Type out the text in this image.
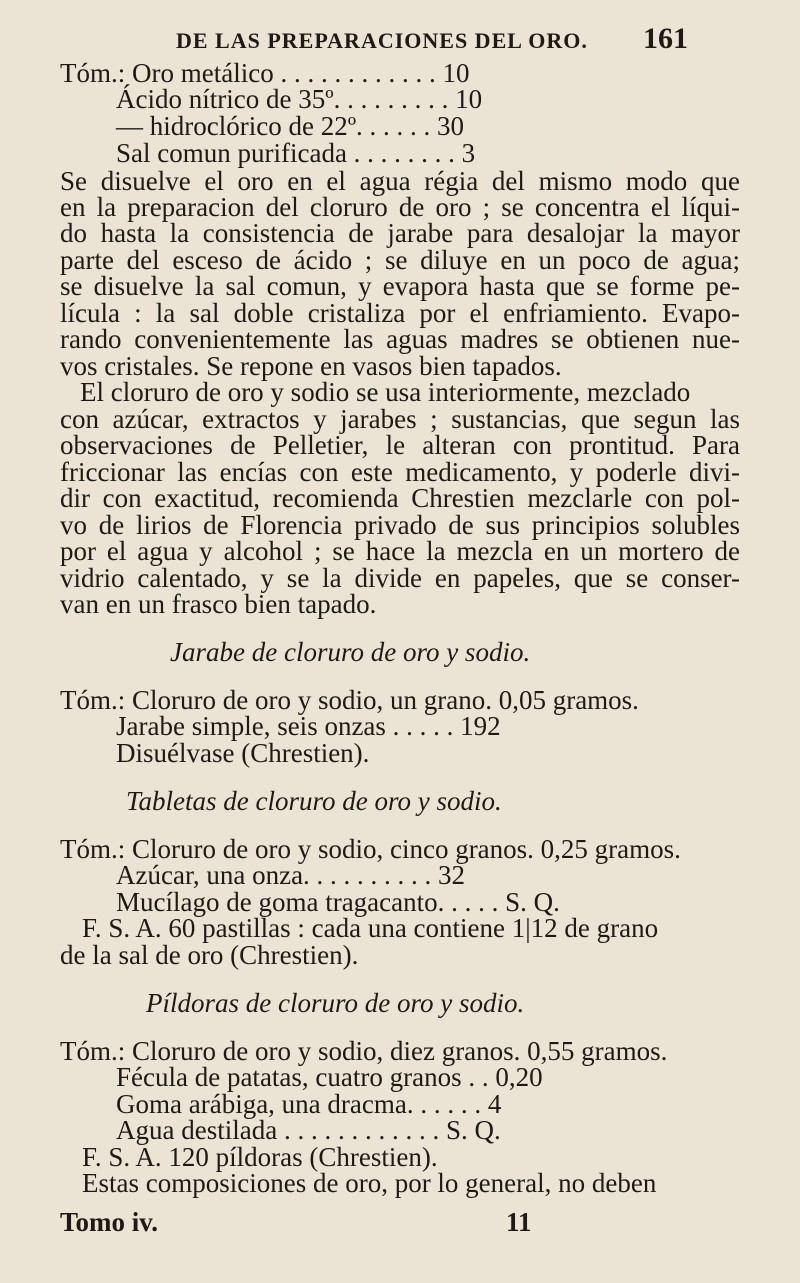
DE LAS PREPARACIONES DEL ORO. 161
Tóm.: Oro metálico . . . . . . . . . . . . 10
Ácido nítrico de 35º. . . . . . . . . 10
— hidroclórico de 22º. . . . . . 30
Sal comun purificada . . . . . . . . 3
Se disuelve el oro en el agua régia del mismo modo que
en la preparacion del cloruro de oro ; se concentra el líqui-
do hasta la consistencia de jarabe para desalojar la mayor
parte del esceso de ácido ; se diluye en un poco de agua;
se disuelve la sal comun, y evapora hasta que se forme pe-
lícula : la sal doble cristaliza por el enfriamiento. Evapo-
rando convenientemente las aguas madres se obtienen nue-
vos cristales. Se repone en vasos bien tapados.
El cloruro de oro y sodio se usa interiormente, mezclado
con azúcar, extractos y jarabes ; sustancias, que segun las
observaciones de Pelletier, le alteran con prontitud. Para
friccionar las encías con este medicamento, y poderle divi-
dir con exactitud, recomienda Chrestien mezclarle con pol-
vo de lirios de Florencia privado de sus principios solubles
por el agua y alcohol ; se hace la mezcla en un mortero de
vidrio calentado, y se la divide en papeles, que se conser-
van en un frasco bien tapado.
Jarabe de cloruro de oro y sodio.
Tóm.: Cloruro de oro y sodio, un grano. 0,05 gramos.
Jarabe simple, seis onzas . . . . . 192
Disuélvase (Chrestien).
Tabletas de cloruro de oro y sodio.
Tóm.: Cloruro de oro y sodio, cinco granos. 0,25 gramos.
Azúcar, una onza. . . . . . . . . . 32
Mucílago de goma tragacanto. . . . . S. Q.
F. S. A. 60 pastillas : cada una contiene 1|12 de grano
de la sal de oro (Chrestien).
Píldoras de cloruro de oro y sodio.
Tóm.: Cloruro de oro y sodio, diez granos. 0,55 gramos.
Fécula de patatas, cuatro granos . . 0,20
Goma arábiga, una dracma. . . . . . 4
Agua destilada . . . . . . . . . . . . S. Q.
F. S. A. 120 píldoras (Chrestien).
Estas composiciones de oro, por lo general, no deben
Tomo iv.	11
